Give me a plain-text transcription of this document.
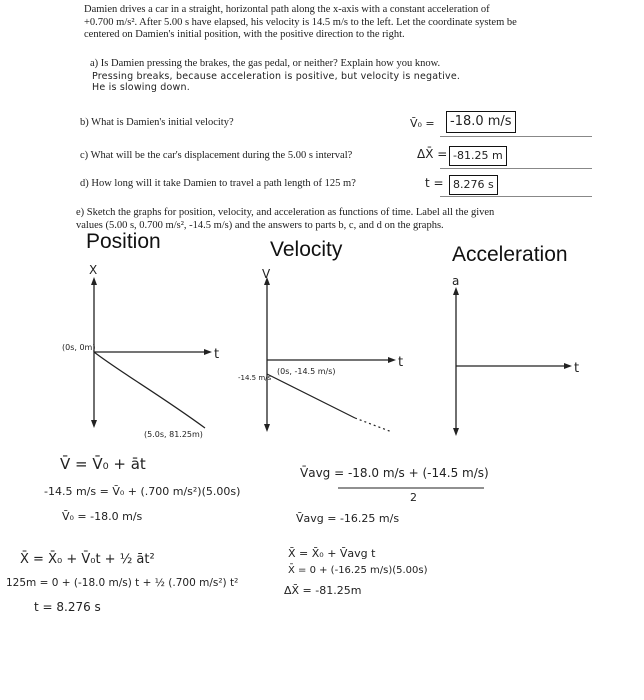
Damien drives a car in a straight, horizontal path along the x-axis with a constant acceleration of
+0.700 m/s². After 5.00 s have elapsed, his velocity is 14.5 m/s to the left. Let the coordinate system be
centered on Damien's initial position, with the positive direction to the right.
a) Is Damien pressing the brakes, the gas pedal, or neither? Explain how you know.
Pressing breaks, because acceleration is positive, but velocity is negative.
He is slowing down.
b) What is Damien's initial velocity?	V̄₀ =	-18.0 m/s
c) What will be the car's displacement during the 5.00 s interval?	ΔX̄ = -81.25 m
d) How long will it take Damien to travel a path length of 125 m?	t = 8.276 s
e) Sketch the graphs for position, velocity, and acceleration as functions of time. Label all the given
values (5.00 s, 0.700 m/s², -14.5 m/s) and the answers to parts b, c, and d on the graphs.
Position	Velocity	Acceleration
X
t
(0s, 0m)
(5.0s, 81.25m)
V
t
-14.5 m/s
(0s, -14.5 m/s)
a
t
V̄ = V̄₀ + āt
-14.5 m/s = V̄₀ + (.700 m/s²)(5.00s)
V̄₀ = -18.0 m/s
V̄avg = -18.0 m/s + (-14.5 m/s)
2
V̄avg = -16.25 m/s
X̄ = X̄₀ + V̄avg t
X̄ = 0 + (-16.25 m/s)(5.00s)
ΔX̄ = -81.25m
X̄ = X̄₀ + V̄₀t + ½ āt²
125m = 0 + (-18.0 m/s) t + ½ (.700 m/s²) t²
t = 8.276 s
